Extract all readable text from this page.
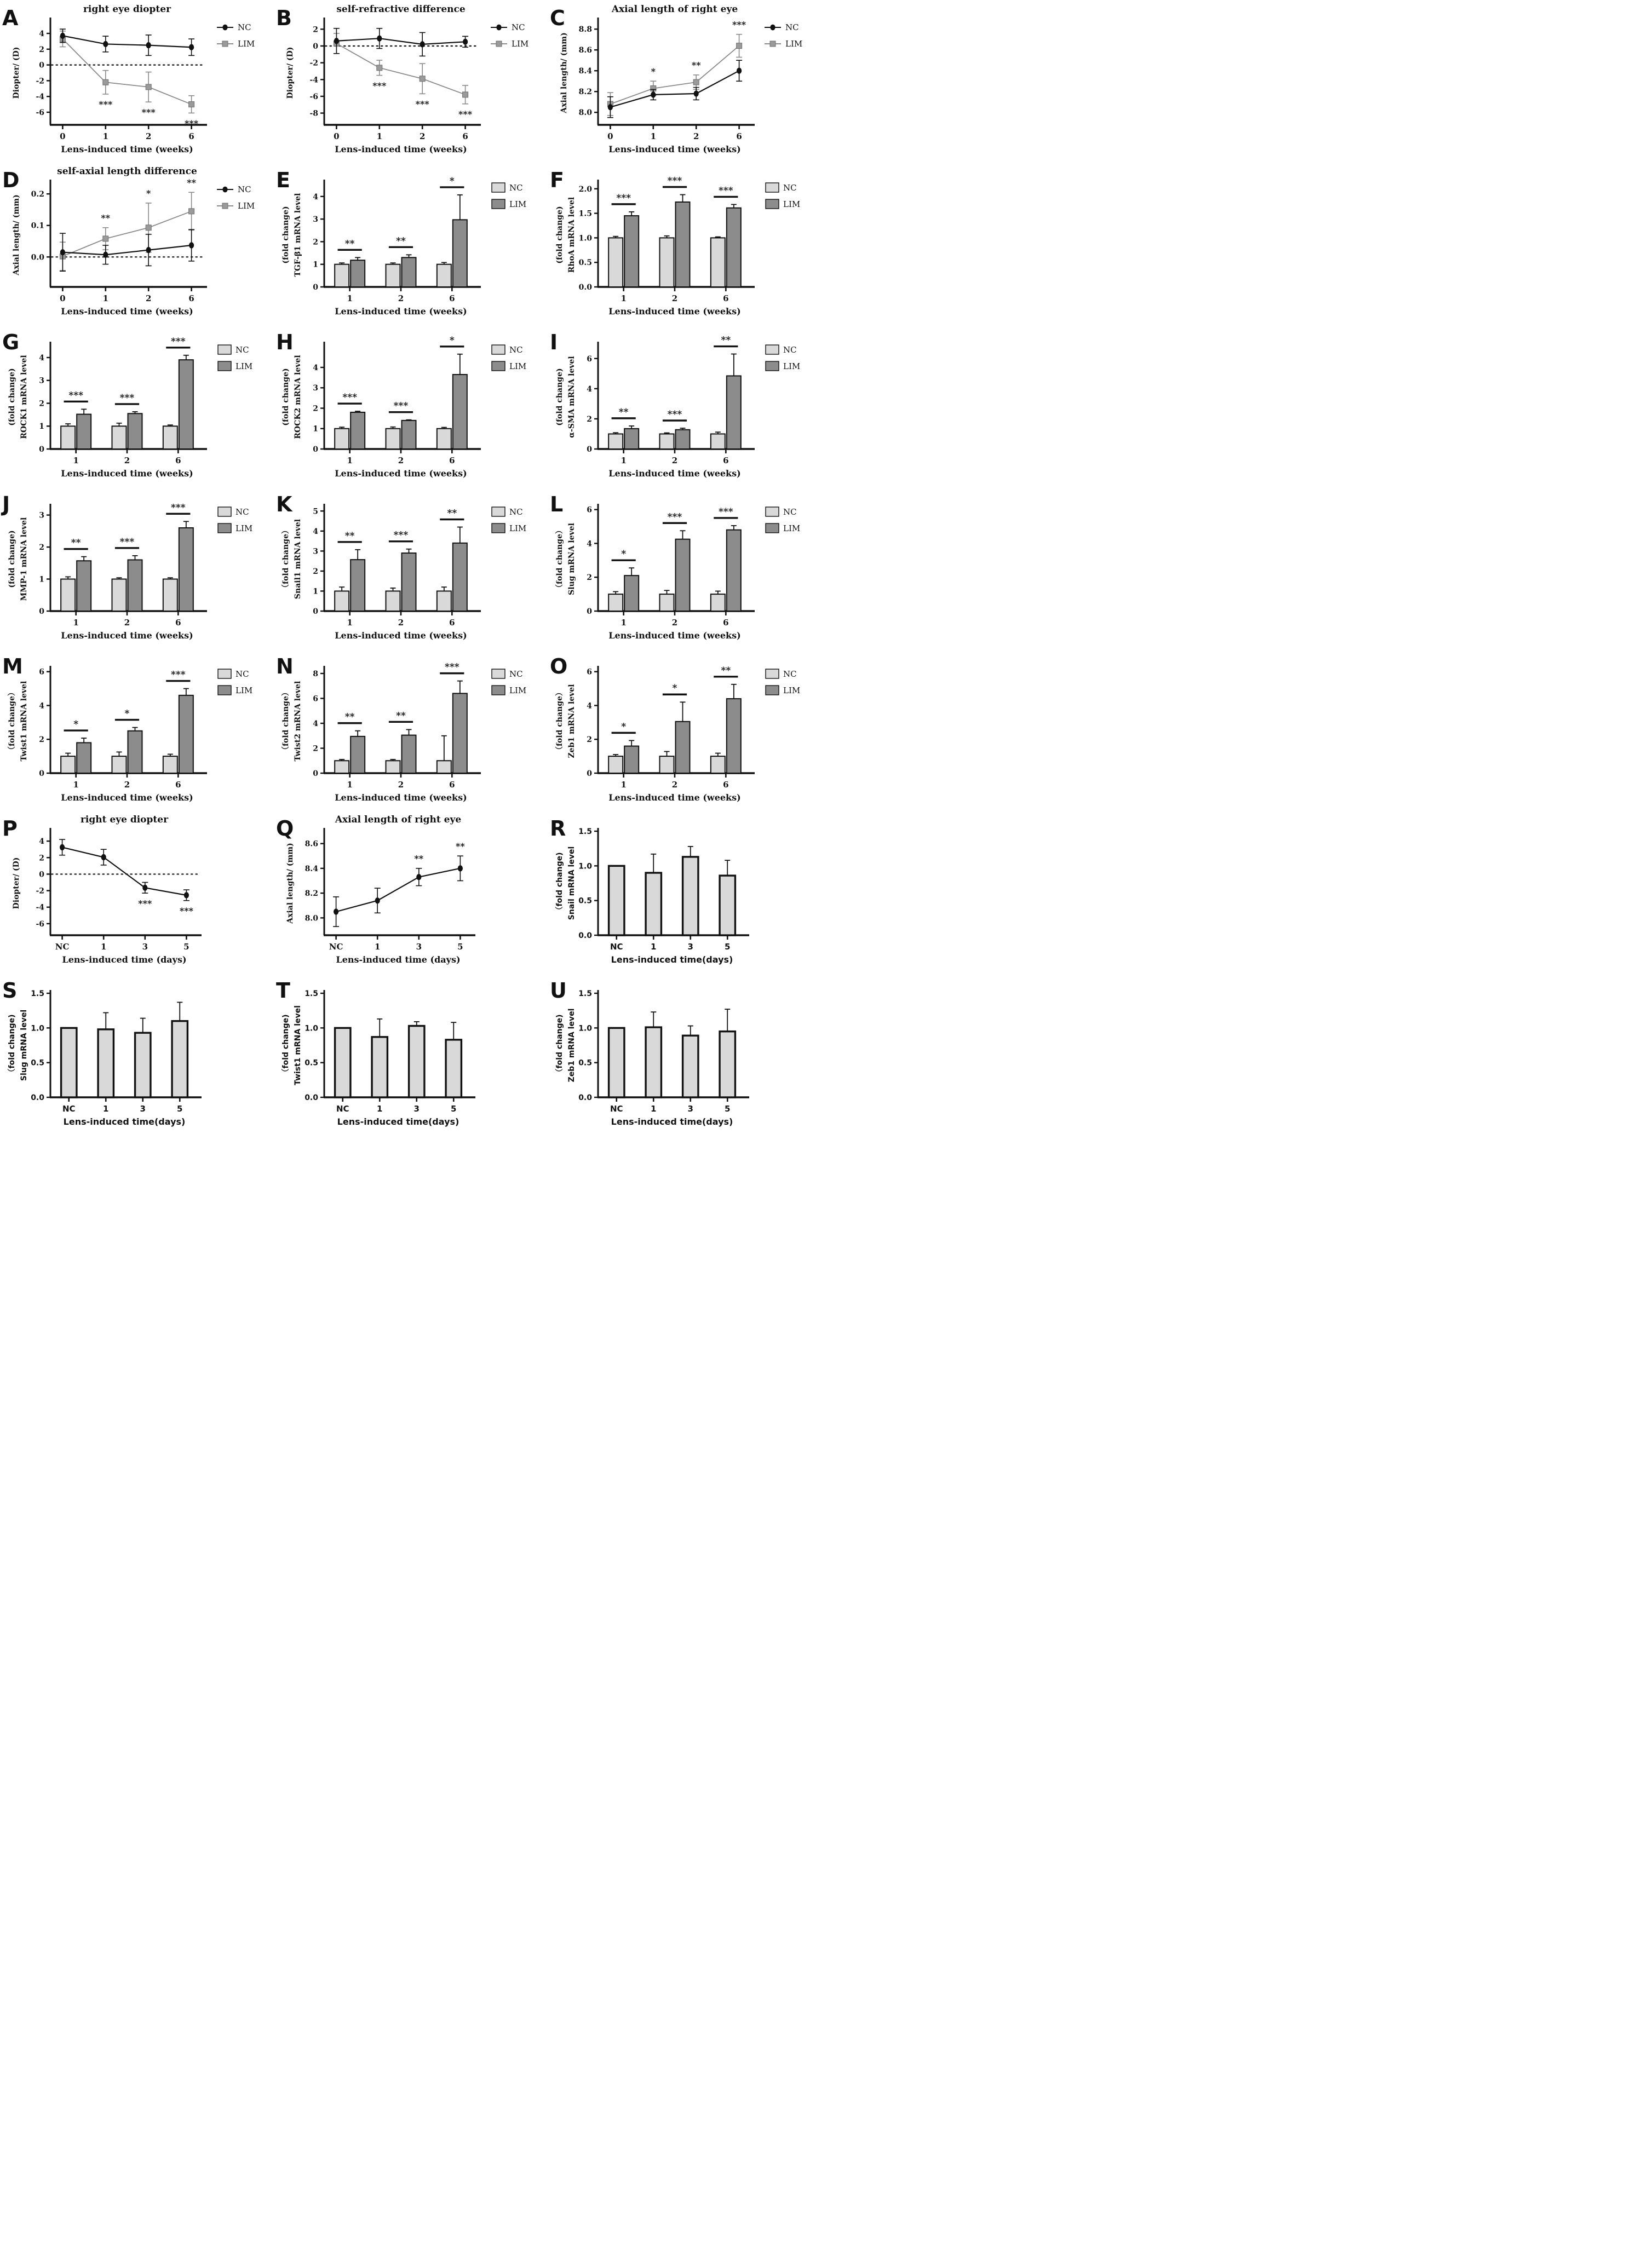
A
-6
-4
-2
0
2
4
0	1	2	6
right eye diopter
Diopter/ (D)
Lens-induced time (weeks)
***
***
***
NC
LIM
B
-8
-6
-4
-2
0
2
0	1	2	6
self-refractive difference
Diopter/ (D)
Lens-induced time (weeks)
***
***
***
NC
LIM
C
8.0
8.2
8.4
8.6
8.8
0	1	2	6
Axial length of right eye
Axial length/ (mm)
Lens-induced time (weeks)
*
**
***	NC
LIM
D
0.0
0.1
0.2
0	1	2	6
self-axial length difference
Axial length/ (mm)
Lens-induced time (weeks)
**
*
**
NC
LIM
E
0
1
2
3
4
1	2	6
(fold change) TGF-β1 mRNA level
Lens-induced time (weeks)
**	**
*
NC
LIM
F
0.0
0.5
1.0
1.5
2.0
1	2	6
(fold change) RhoA mRNA level
Lens-induced time (weeks)
***
***
***	NC
LIM
G
0
1
2
3
4
1	2	6
(fold change) ROCK1 mRNA level
Lens-induced time (weeks)
***	***
***
NC
LIM
H
0
1
2
3
4
1	2	6
(fold change) ROCK2 mRNA level
Lens-induced time (weeks)
***
***
*
NC
LIM
I
0
2
4
6
1	2	6
(fold change) α-SMA mRNA level
Lens-induced time (weeks)
**	***
**
NC
LIM
J
0
1
2
3
1	2	6
(fold change) MMP-1 mRNA level
Lens-induced time (weeks)
**	***
***	NC
LIM
K
0
1
2
3
4
5
1	2	6
（fold change） Snail1 mRNA level
Lens-induced time (weeks)
**	***
**	NC
LIM
L
0
2
4
6
1	2	6
（fold change） Slug mRNA level
Lens-induced time (weeks)
*
***	***	NC
LIM
M
0
2
4
6
1	2	6
（fold change） Twist1 mRNA level
Lens-induced time (weeks)
*
*
***	NC
LIM
N
0
2
4
6
8
1	2	6
（fold change） Twist2 mRNA level
Lens-induced time (weeks)
**	**
***
NC
LIM
O
0
2
4
6
1	2	6
（fold change） Zeb1 mRNA level
Lens-induced time (weeks)
*
*
**	NC
LIM
P
-6
-4
-2
0
2
4
NC	1	3	5
right eye diopter
Diopter/ (D)
Lens-induced time (days)
***
***
Q
8.0
8.2
8.4
8.6
NC	1	3	5
Axial length of right eye
Axial length/ (mm)
Lens-induced time (days)
**
**
R
0.0
0.5
1.0
1.5
NC	1	3	5
（fold change) Snail mRNA level
Lens-induced time(days)
S
0.0
0.5
1.0
1.5
NC	1	3	5
（fold change) Slug mRNA level
Lens-induced time(days)
T
0.0
0.5
1.0
1.5
NC	1	3	5
（fold change) Twist1 mRNA level
Lens-induced time(days)
U
0.0
0.5
1.0
1.5
NC	1	3	5
（fold change) Zeb1 mRNA level
Lens-induced time(days)
